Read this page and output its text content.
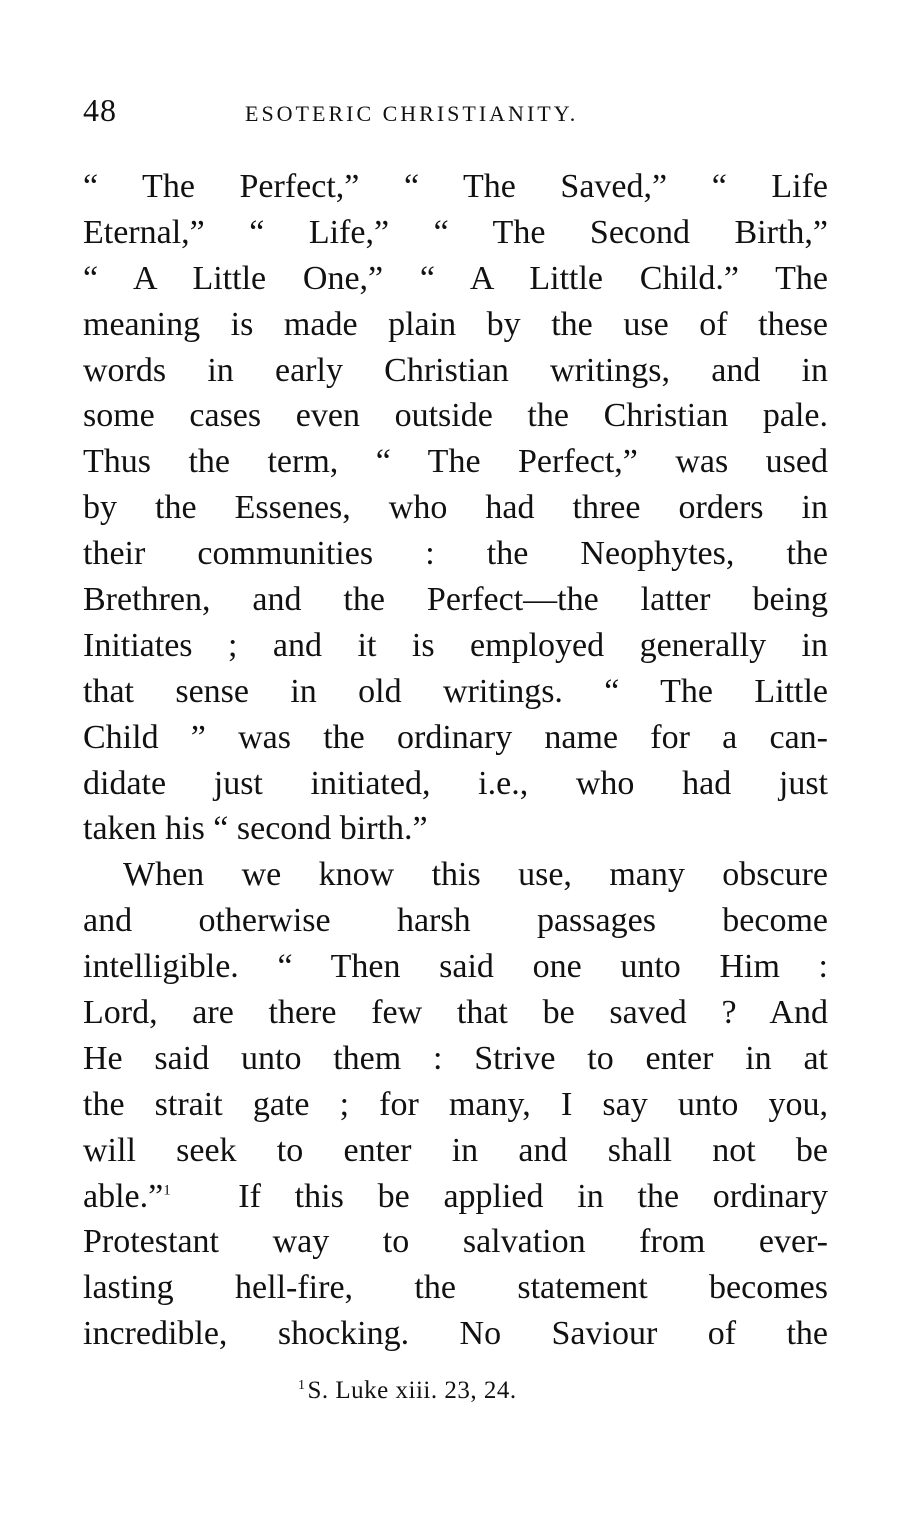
48	ESOTERIC CHRISTIANITY.
“ The Perfect,” “ The Saved,” “ Life
Eternal,” “ Life,” “ The Second Birth,”
“ A Little One,” “ A Little Child.” The
meaning is made plain by the use of these
words in early Christian writings, and in
some cases even outside the Christian pale.
Thus the term, “ The Perfect,” was used
by the Essenes, who had three orders in
their communities : the Neophytes, the
Brethren, and the Perfect—the latter being
Initiates ; and it is employed generally in
that sense in old writings. “ The Little
Child ” was the ordinary name for a can-
didate just initiated, i.e., who had just
taken his “ second birth.”
When we know this use, many obscure
and otherwise harsh passages become
intelligible. “ Then said one unto Him :
Lord, are there few that be saved ? And
He said unto them : Strive to enter in at
the strait gate ; for many, I say unto you,
will seek to enter in and shall not be
able.”$^1$ If this be applied in the ordinary
Protestant way to salvation from ever-
lasting hell-fire, the statement becomes
incredible, shocking. No Saviour of the
$^1$S. Luke xiii. 23, 24.
